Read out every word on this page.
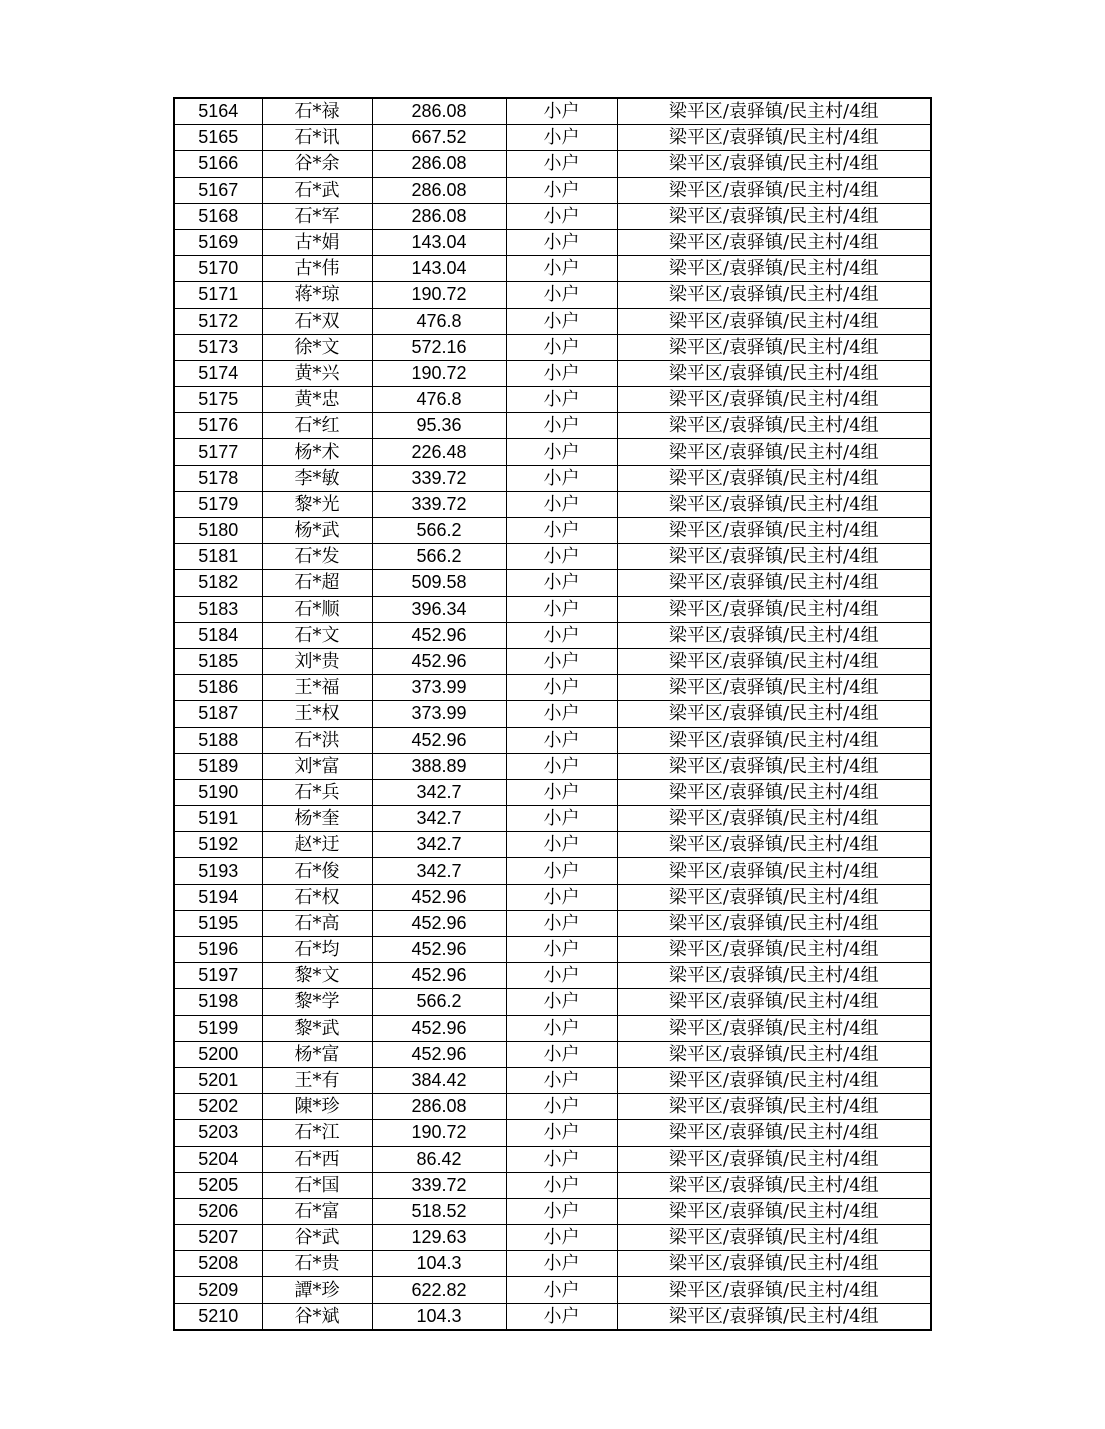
5164	石*禄	286.08	小户	梁平区/袁驿镇/民主村/4组
5165	石*讯	667.52	小户	梁平区/袁驿镇/民主村/4组
5166	谷*余	286.08	小户	梁平区/袁驿镇/民主村/4组
5167	石*武	286.08	小户	梁平区/袁驿镇/民主村/4组
5168	石*军	286.08	小户	梁平区/袁驿镇/民主村/4组
5169	古*娟	143.04	小户	梁平区/袁驿镇/民主村/4组
5170	古*伟	143.04	小户	梁平区/袁驿镇/民主村/4组
5171	蒋*琼	190.72	小户	梁平区/袁驿镇/民主村/4组
5172	石*双	476.8	小户	梁平区/袁驿镇/民主村/4组
5173	徐*文	572.16	小户	梁平区/袁驿镇/民主村/4组
5174	黄*兴	190.72	小户	梁平区/袁驿镇/民主村/4组
5175	黄*忠	476.8	小户	梁平区/袁驿镇/民主村/4组
5176	石*红	95.36	小户	梁平区/袁驿镇/民主村/4组
5177	杨*术	226.48	小户	梁平区/袁驿镇/民主村/4组
5178	李*敏	339.72	小户	梁平区/袁驿镇/民主村/4组
5179	黎*光	339.72	小户	梁平区/袁驿镇/民主村/4组
5180	杨*武	566.2	小户	梁平区/袁驿镇/民主村/4组
5181	石*发	566.2	小户	梁平区/袁驿镇/民主村/4组
5182	石*超	509.58	小户	梁平区/袁驿镇/民主村/4组
5183	石*顺	396.34	小户	梁平区/袁驿镇/民主村/4组
5184	石*文	452.96	小户	梁平区/袁驿镇/民主村/4组
5185	刘*贵	452.96	小户	梁平区/袁驿镇/民主村/4组
5186	王*福	373.99	小户	梁平区/袁驿镇/民主村/4组
5187	王*权	373.99	小户	梁平区/袁驿镇/民主村/4组
5188	石*洪	452.96	小户	梁平区/袁驿镇/民主村/4组
5189	刘*富	388.89	小户	梁平区/袁驿镇/民主村/4组
5190	石*兵	342.7	小户	梁平区/袁驿镇/民主村/4组
5191	杨*奎	342.7	小户	梁平区/袁驿镇/民主村/4组
5192	赵*迂	342.7	小户	梁平区/袁驿镇/民主村/4组
5193	石*俊	342.7	小户	梁平区/袁驿镇/民主村/4组
5194	石*权	452.96	小户	梁平区/袁驿镇/民主村/4组
5195	石*高	452.96	小户	梁平区/袁驿镇/民主村/4组
5196	石*均	452.96	小户	梁平区/袁驿镇/民主村/4组
5197	黎*文	452.96	小户	梁平区/袁驿镇/民主村/4组
5198	黎*学	566.2	小户	梁平区/袁驿镇/民主村/4组
5199	黎*武	452.96	小户	梁平区/袁驿镇/民主村/4组
5200	杨*富	452.96	小户	梁平区/袁驿镇/民主村/4组
5201	王*有	384.42	小户	梁平区/袁驿镇/民主村/4组
5202	陳*珍	286.08	小户	梁平区/袁驿镇/民主村/4组
5203	石*江	190.72	小户	梁平区/袁驿镇/民主村/4组
5204	石*西	86.42	小户	梁平区/袁驿镇/民主村/4组
5205	石*国	339.72	小户	梁平区/袁驿镇/民主村/4组
5206	石*富	518.52	小户	梁平区/袁驿镇/民主村/4组
5207	谷*武	129.63	小户	梁平区/袁驿镇/民主村/4组
5208	石*贵	104.3	小户	梁平区/袁驿镇/民主村/4组
5209	譚*珍	622.82	小户	梁平区/袁驿镇/民主村/4组
5210	谷*斌	104.3	小户	梁平区/袁驿镇/民主村/4组
